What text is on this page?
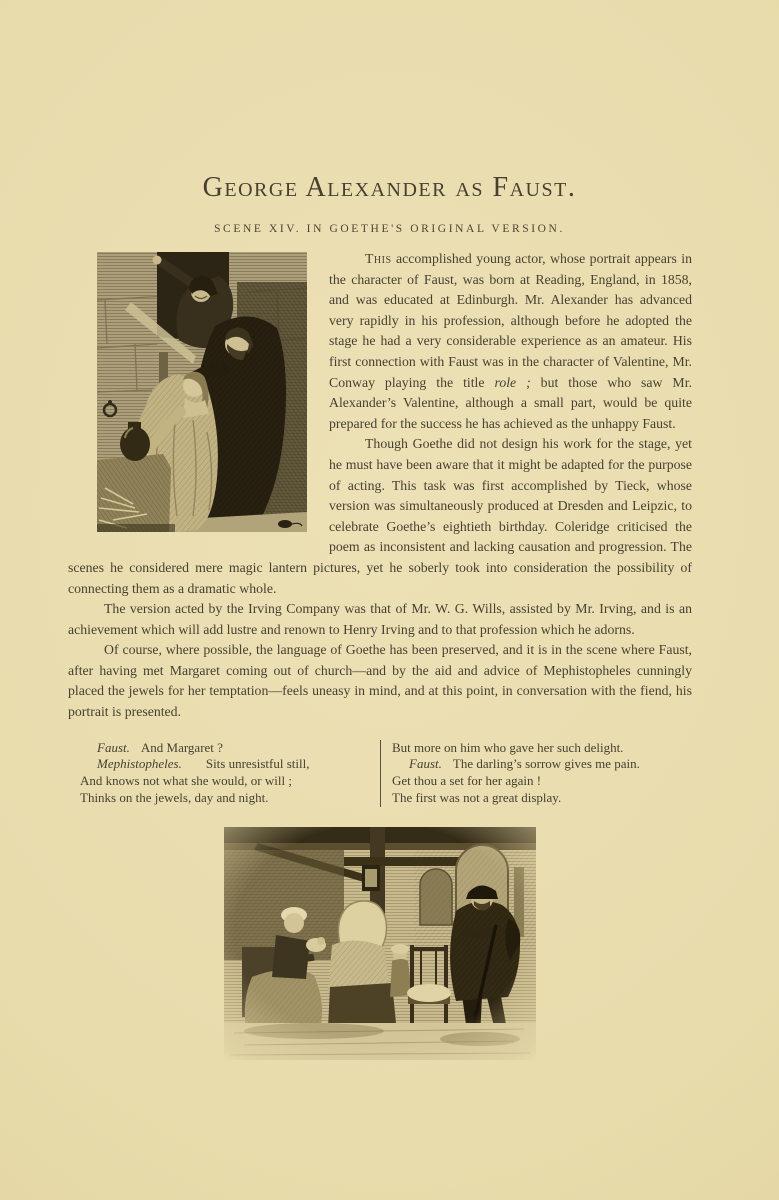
George Alexander as Faust.
SCENE XIV. IN GOETHE'S ORIGINAL VERSION.

This accomplished young actor, whose portrait appears in the character of Faust, was born at Reading, England, in 1858, and was educated at Edinburgh. Mr. Alexander has advanced very rapidly in his profession, although before he adopted the stage he had a very considerable experience as an amateur. His first connection with Faust was in the character of Valentine, Mr. Conway playing the title role ; but those who saw Mr. Alexander’s Valentine, although a small part, would be quite prepared for the success he has achieved as the unhappy Faust.

Though Goethe did not design his work for the stage, yet he must have been aware that it might be adapted for the purpose of acting. This task was first accomplished by Tieck, whose version was simultaneously produced at Dresden and Leipzic, to celebrate Goethe’s eightieth birthday. Coleridge criticised the poem as inconsistent and lacking causation and progression. The scenes he considered mere magic lantern pictures, yet he soberly took into consideration the possibility of connecting them as a dramatic whole.

The version acted by the Irving Company was that of Mr. W. G. Wills, assisted by Mr. Irving, and is an achievement which will add lustre and renown to Henry Irving and to that profession which he adorns.

Of course, where possible, the language of Goethe has been preserved, and it is in the scene where Faust, after having met Margaret coming out of church—and by the aid and advice of Mephistopheles cunningly placed the jewels for her temptation—feels uneasy in mind, and at this point, in conversation with the fiend, his portrait is presented.

Faust. And Margaret ?
Mephistopheles. Sits unresistful still,
And knows not what she would, or will ;
Thinks on the jewels, day and night.
But more on him who gave her such delight.
Faust. The darling’s sorrow gives me pain.
Get thou a set for her again !
The first was not a great display.
